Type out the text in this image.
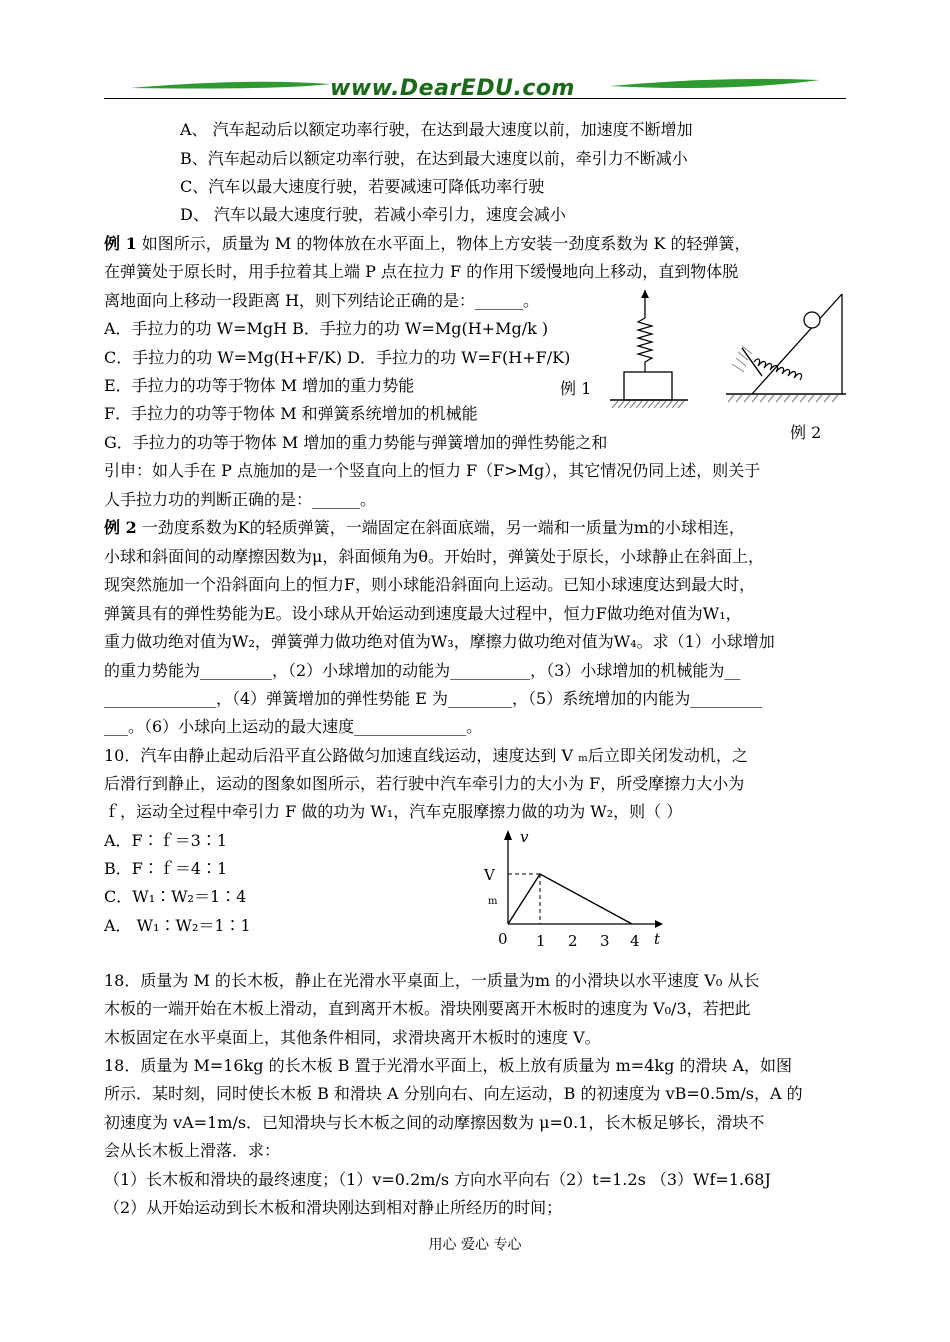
www.DearEDU.com
A、 汽车起动后以额定功率行驶，在达到最大速度以前，加速度不断增加
B、汽车起动后以额定功率行驶，在达到最大速度以前，牵引力不断减小
C、汽车以最大速度行驶，若要减速可降低功率行驶
D、 汽车以最大速度行驶，若减小牵引力，速度会减小
例 1 如图所示，质量为 M 的物体放在水平面上，物体上方安装一劲度系数为 K 的轻弹簧，
在弹簧处于原长时，用手拉着其上端 P 点在拉力 F 的作用下缓慢地向上移动，直到物体脱
离地面向上移动一段距离 H，则下列结论正确的是：______。
A．手拉力的功 W=MgH B．手拉力的功 W=Mg(H+Mg/k )
C．手拉力的功 W=Mg(H+F/K) D．手拉力的功 W=F(H+F/K)
E．手拉力的功等于物体 M 增加的重力势能
F．手拉力的功等于物体 M 和弹簧系统增加的机械能
G．手拉力的功等于物体 M 增加的重力势能与弹簧增加的弹性势能之和
引申：如人手在 P 点施加的是一个竖直向上的恒力 F（F>Mg），其它情况仍同上述，则关于
人手拉力功的判断正确的是：______。
例 1
例 2
例 2 一劲度系数为K的轻质弹簧，一端固定在斜面底端，另一端和一质量为m的小球相连，
小球和斜面间的动摩擦因数为μ，斜面倾角为θ。开始时，弹簧处于原长，小球静止在斜面上，
现突然施加一个沿斜面向上的恒力F，则小球能沿斜面向上运动。已知小球速度达到最大时，
弹簧具有的弹性势能为E。设小球从开始运动到速度最大过程中，恒力F做功绝对值为W₁，
重力做功绝对值为W₂，弹簧弹力做功绝对值为W₃，摩擦力做功绝对值为W₄。求（1）小球增加
的重力势能为_________，（2）小球增加的动能为__________，（3）小球增加的机械能为__
______________，（4）弹簧增加的弹性势能 E 为________，（5）系统增加的内能为_________
___。（6）小球向上运动的最大速度______________。
10．汽车由静止起动后沿平直公路做匀加速直线运动，速度达到 V ₘ后立即关闭发动机，之
后滑行到静止，运动的图象如图所示，若行驶中汽车牵引力的大小为 F，所受摩擦力大小为
ｆ，运动全过程中牵引力 F 做的功为 W₁，汽车克服摩擦力做的功为 W₂，则（ ）
A．F∶ｆ＝3∶1
B．F∶ｆ＝4∶1
C．W₁∶W₂＝1∶4
A． W₁∶W₂＝1∶1
v
t
V
m
0 1 2 3 4
18．质量为 M 的长木板，静止在光滑水平桌面上，一质量为m 的小滑块以水平速度 V₀ 从长
木板的一端开始在木板上滑动，直到离开木板。滑块刚要离开木板时的速度为 V₀/3，若把此
木板固定在水平桌面上，其他条件相同，求滑块离开木板时的速度 V。
18．质量为 M=16kg 的长木板 B 置于光滑水平面上，板上放有质量为 m=4kg 的滑块 A，如图
所示．某时刻，同时使长木板 B 和滑块 A 分别向右、向左运动，B 的初速度为 vB=0.5m/s，A 的
初速度为 vA=1m/s．已知滑块与长木板之间的动摩擦因数为 μ=0.1，长木板足够长，滑块不
会从长木板上滑落．求：
（1）长木板和滑块的最终速度；（1）v=0.2m/s 方向水平向右（2）t=1.2s （3）Wf=1.68J
（2）从开始运动到长木板和滑块刚达到相对静止所经历的时间；
用心 爱心 专心
